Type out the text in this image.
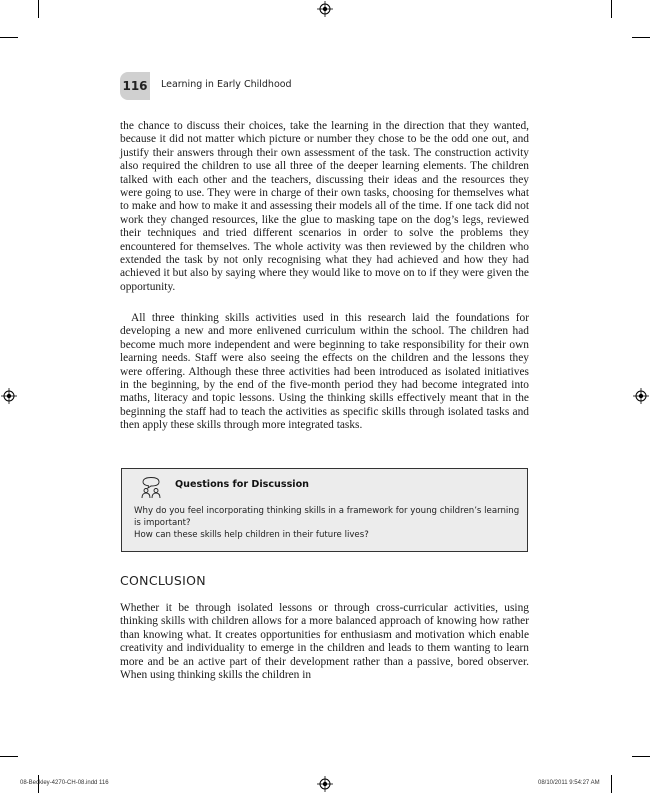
116 Learning in Early Childhood

the chance to discuss their choices, take the learning in the direction that they wanted, because it did not matter which picture or number they chose to be the odd one out, and justify their answers through their own assessment of the task. The construction activity also required the children to use all three of the deeper learning elements. The children talked with each other and the teachers, discussing their ideas and the resources they were going to use. They were in charge of their own tasks, choosing for themselves what to make and how to make it and assessing their models all of the time. If one tack did not work they changed resources, like the glue to masking tape on the dog’s legs, reviewed their techniques and tried different scenarios in order to solve the problems they encountered for themselves. The whole activity was then reviewed by the children who extended the task by not only recognising what they had achieved and how they had achieved it but also by saying where they would like to move on to if they were given the opportunity.

All three thinking skills activities used in this research laid the foundations for developing a new and more enlivened curriculum within the school. The children had become much more independent and were beginning to take responsibility for their own learning needs. Staff were also seeing the effects on the children and the lessons they were offering. Although these three activities had been introduced as isolated initiatives in the beginning, by the end of the five-month period they had become integrated into maths, literacy and topic lessons. Using the thinking skills effectively meant that in the beginning the staff had to teach the activities as specific skills through isolated tasks and then apply these skills through more integrated tasks.

Questions for Discussion

Why do you feel incorporating thinking skills in a framework for young children’s learning is important?

How can these skills help children in their future lives?

CONCLUSION

Whether it be through isolated lessons or through cross-curricular activities, using thinking skills with children allows for a more balanced approach of knowing how rather than knowing what. It creates opportunities for enthusiasm and motivation which enable creativity and individuality to emerge in the children and leads to them wanting to learn more and be an active part of their development rather than a passive, bored observer. When using thinking skills the children in

08-Beckley-4270-CH-08.indd 116	08/10/2011 9:54:27 AM
